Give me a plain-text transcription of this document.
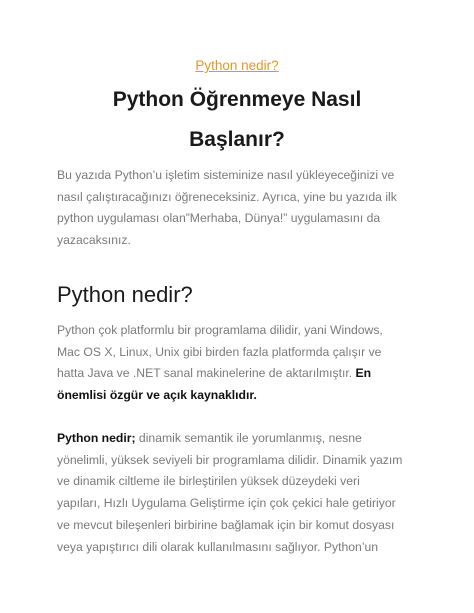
Python nedir?
Python Öğrenmeye Nasıl
Başlanır?
Bu yazıda Python’u işletim sisteminize nasıl yükleyeceğinizi ve
nasıl çalıştıracağınızı öğreneceksiniz. Ayrıca, yine bu yazıda ilk
python uygulaması olan”Merhaba, Dünya!” uygulamasını da
yazacaksınız.
Python nedir?
Python çok platformlu bir programlama dilidir, yani Windows,
Mac OS X, Linux, Unix gibi birden fazla platformda çalışır ve
hatta Java ve .NET sanal makinelerine de aktarılmıştır. En
önemlisi özgür ve açık kaynaklıdır.
Python nedir; dinamik semantik ile yorumlanmış, nesne
yönelimli, yüksek seviyeli bir programlama dilidir. Dinamik yazım
ve dinamik ciltleme ile birleştirilen yüksek düzeydeki veri
yapıları, Hızlı Uygulama Geliştirme için çok çekici hale getiriyor
ve mevcut bileşenleri birbirine bağlamak için bir komut dosyası
veya yapıştırıcı dili olarak kullanılmasını sağlıyor. Python’un
